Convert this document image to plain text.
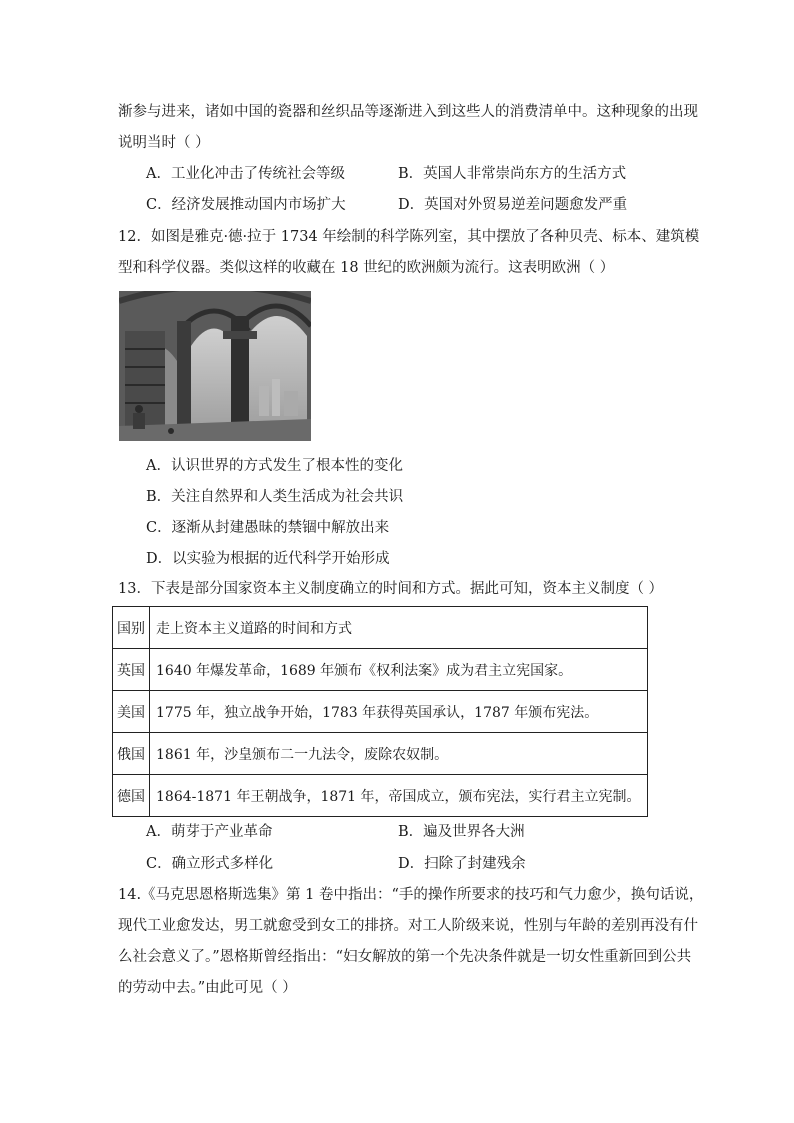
渐参与进来，诸如中国的瓷器和丝织品等逐渐进入到这些人的消费清单中。这种现象的出现
说明当时（ ）
A．工业化冲击了传统社会等级	B．英国人非常崇尚东方的生活方式
C．经济发展推动国内市场扩大	D．英国对外贸易逆差问题愈发严重
12．如图是雅克·德·拉于 1734 年绘制的科学陈列室，其中摆放了各种贝壳、标本、建筑模
型和科学仪器。类似这样的收藏在 18 世纪的欧洲颇为流行。这表明欧洲（ ）
A．认识世界的方式发生了根本性的变化
B．关注自然界和人类生活成为社会共识
C．逐渐从封建愚昧的禁锢中解放出来
D．以实验为根据的近代科学开始形成
13．下表是部分国家资本主义制度确立的时间和方式。据此可知，资本主义制度（ ）
国别	走上资本主义道路的时间和方式
英国	1640 年爆发革命，1689 年颁布《权利法案》成为君主立宪国家。
美国	1775 年，独立战争开始，1783 年获得英国承认，1787 年颁布宪法。
俄国	1861 年，沙皇颁布二一九法令，废除农奴制。
德国	1864-1871 年王朝战争，1871 年，帝国成立，颁布宪法，实行君主立宪制。
A．萌芽于产业革命	B．遍及世界各大洲
C．确立形式多样化	D．扫除了封建残余
14.《马克思恩格斯选集》第 1 卷中指出：“手的操作所要求的技巧和气力愈少，换句话说，
现代工业愈发达，男工就愈受到女工的排挤。对工人阶级来说，性别与年龄的差别再没有什
么社会意义了。”恩格斯曾经指出：“妇女解放的第一个先决条件就是一切女性重新回到公共
的劳动中去。”由此可见（ ）
